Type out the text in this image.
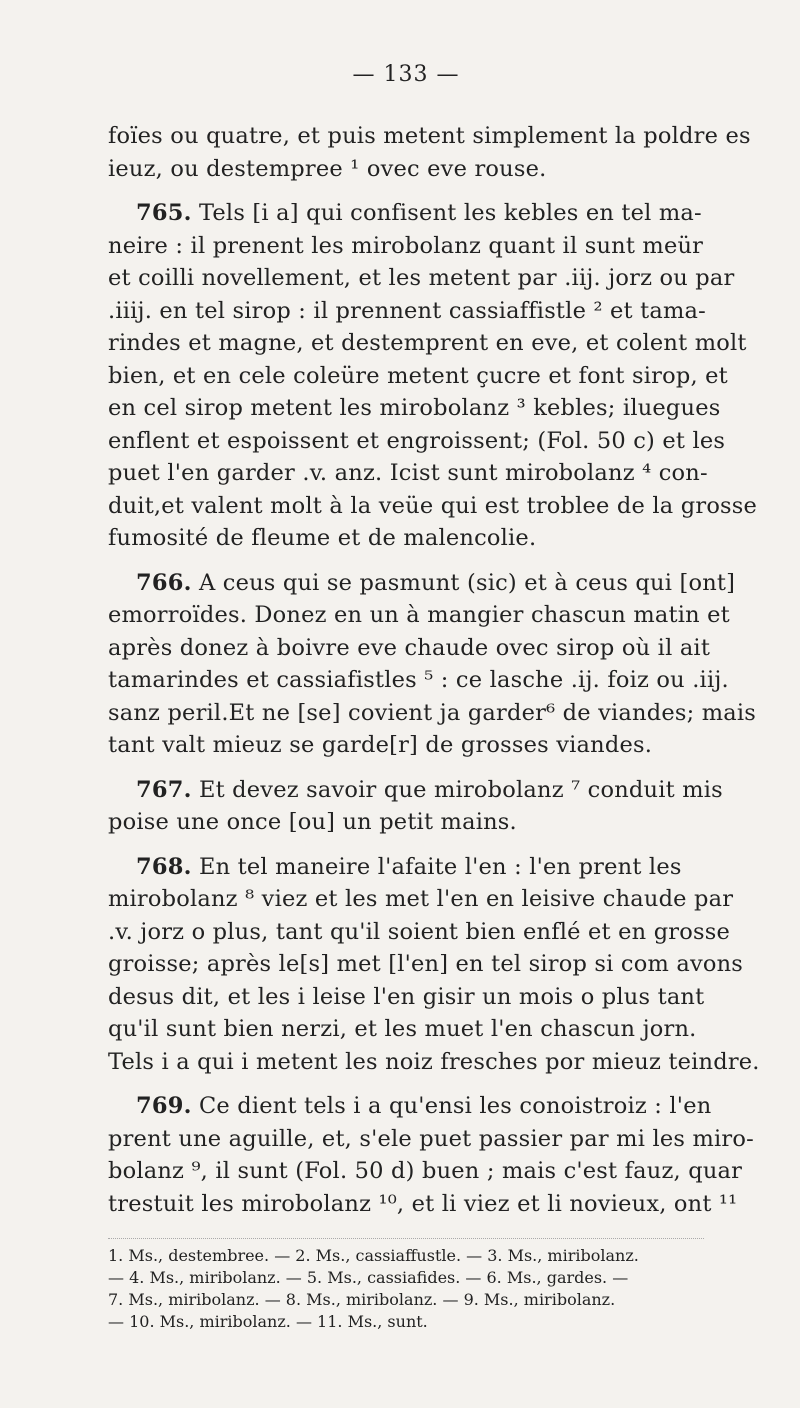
— 133 —
foïes ou quatre, et puis metent simplement la poldre es
ieuz, ou destempree ¹ ovec eve rouse.
765. Tels [i a] qui confisent les kebles en tel ma-
neire : il prenent les mirobolanz quant il sunt meür
et coilli novellement, et les metent par .iij. jorz ou par
.iiij. en tel sirop : il prennent cassiaffistle ² et tama-
rindes et magne, et destemprent en eve, et colent molt
bien, et en cele coleüre metent çucre et font sirop, et
en cel sirop metent les mirobolanz ³ kebles; iluegues
enflent et espoissent et engroissent; (Fol. 50 c) et les
puet l'en garder .v. anz. Icist sunt mirobolanz ⁴ con-
duit,et valent molt à la veüe qui est troblee de la grosse
fumosité de fleume et de malencolie.
766. A ceus qui se pasmunt (sic) et à ceus qui [ont]
emorroïdes. Donez en un à mangier chascun matin et
après donez à boivre eve chaude ovec sirop où il ait
tamarindes et cassiafistles ⁵ : ce lasche .ij. foiz ou .iij.
sanz peril.Et ne [se] covient ja garder⁶ de viandes; mais
tant valt mieuz se garde[r] de grosses viandes.
767. Et devez savoir que mirobolanz ⁷ conduit mis
poise une once [ou] un petit mains.
768. En tel maneire l'afaite l'en : l'en prent les
mirobolanz ⁸ viez et les met l'en en leisive chaude par
.v. jorz o plus, tant qu'il soient bien enflé et en grosse
groisse; après le[s] met [l'en] en tel sirop si com avons
desus dit, et les i leise l'en gisir un mois o plus tant
qu'il sunt bien nerzi, et les muet l'en chascun jorn.
Tels i a qui i metent les noiz fresches por mieuz teindre.
769. Ce dient tels i a qu'ensi les conoistroiz : l'en
prent une aguille, et, s'ele puet passier par mi les miro-
bolanz ⁹, il sunt (Fol. 50 d) buen ; mais c'est fauz, quar
trestuit les mirobolanz ¹⁰, et li viez et li novieux, ont ¹¹

1. Ms., destembree. — 2. Ms., cassiaffustle. — 3. Ms., miribolanz.

— 4. Ms., miribolanz. — 5. Ms., cassiafides. — 6. Ms., gardes. —

7. Ms., miribolanz. — 8. Ms., miribolanz. — 9. Ms., miribolanz.

— 10. Ms., miribolanz. — 11. Ms., sunt.
